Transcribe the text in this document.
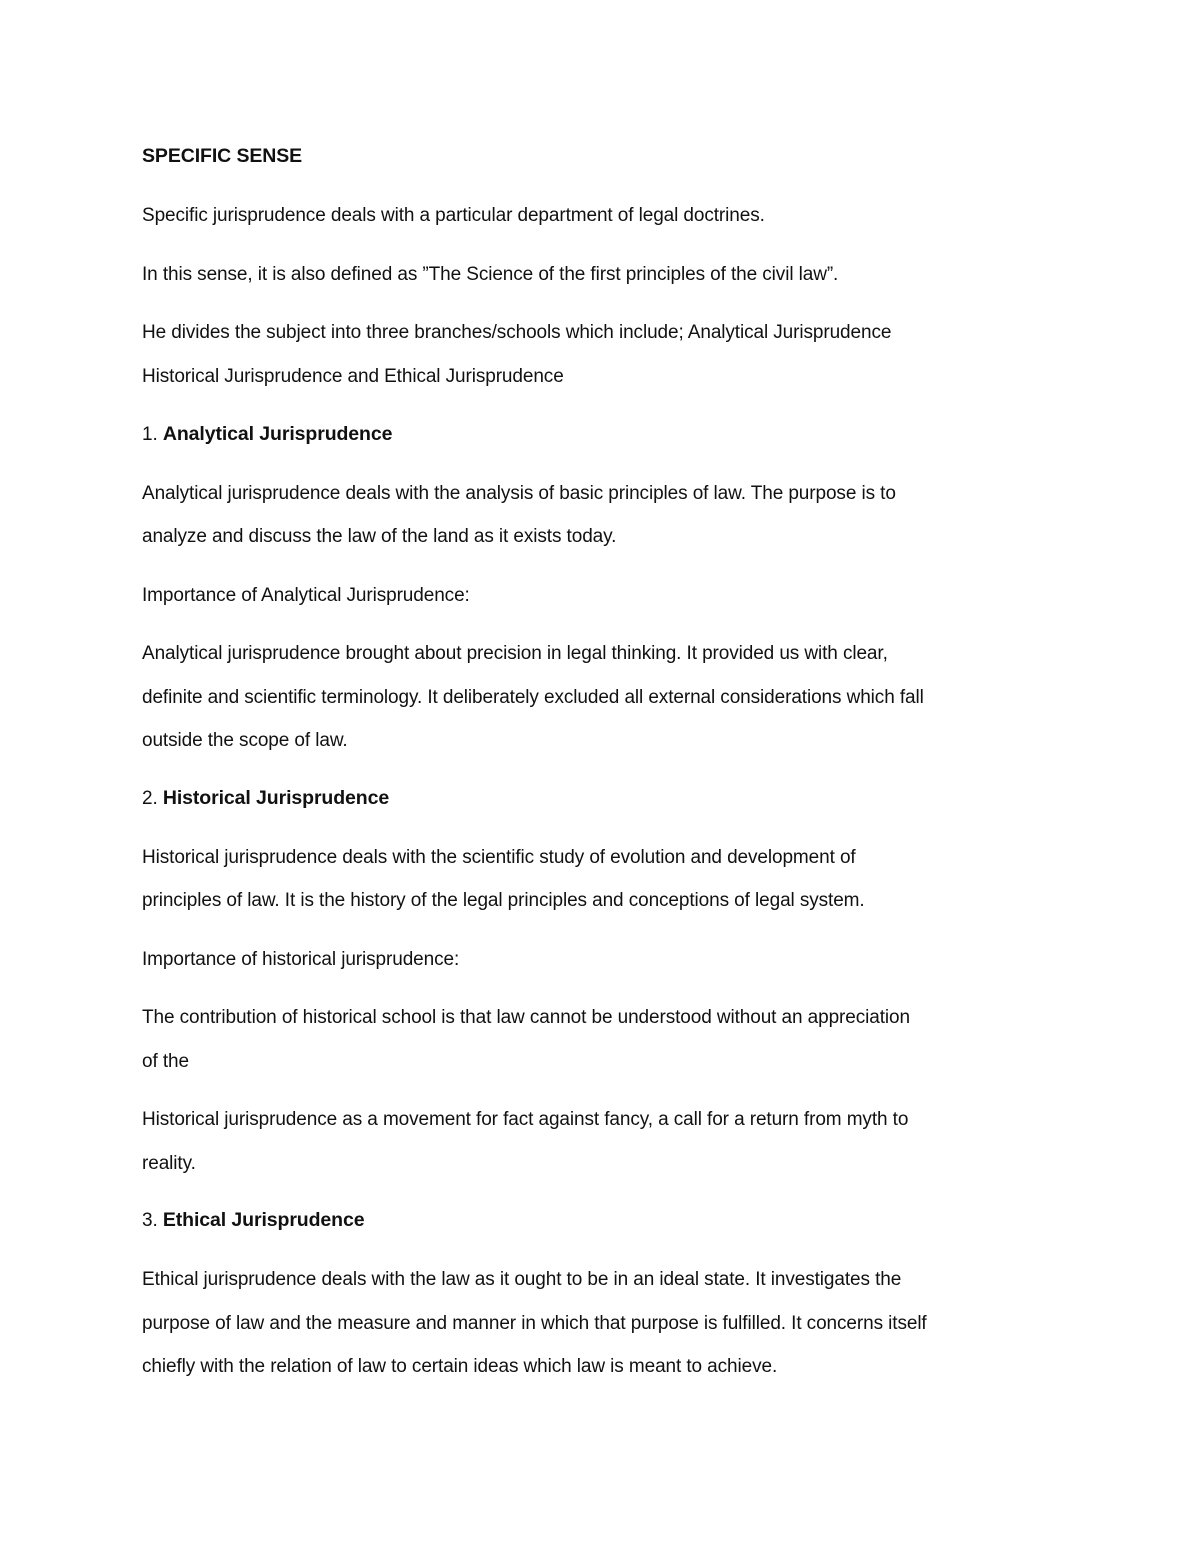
SPECIFIC SENSE
Specific jurisprudence deals with a particular department of legal doctrines.
In this sense, it is also defined as ”The Science of the first principles of the civil law”.
He divides the subject into three branches/schools which include; Analytical Jurisprudence
Historical Jurisprudence and Ethical Jurisprudence
1. Analytical Jurisprudence
Analytical jurisprudence deals with the analysis of basic principles of law. The purpose is to
analyze and discuss the law of the land as it exists today.
Importance of Analytical Jurisprudence:
Analytical jurisprudence brought about precision in legal thinking. It provided us with clear,
definite and scientific terminology. It deliberately excluded all external considerations which fall
outside the scope of law.
2. Historical Jurisprudence
Historical jurisprudence deals with the scientific study of evolution and development of
principles of law. It is the history of the legal principles and conceptions of legal system.
Importance of historical jurisprudence:
The contribution of historical school is that law cannot be understood without an appreciation
of the
Historical jurisprudence as a movement for fact against fancy, a call for a return from myth to
reality.
3. Ethical Jurisprudence
Ethical jurisprudence deals with the law as it ought to be in an ideal state. It investigates the
purpose of law and the measure and manner in which that purpose is fulfilled. It concerns itself
chiefly with the relation of law to certain ideas which law is meant to achieve.
